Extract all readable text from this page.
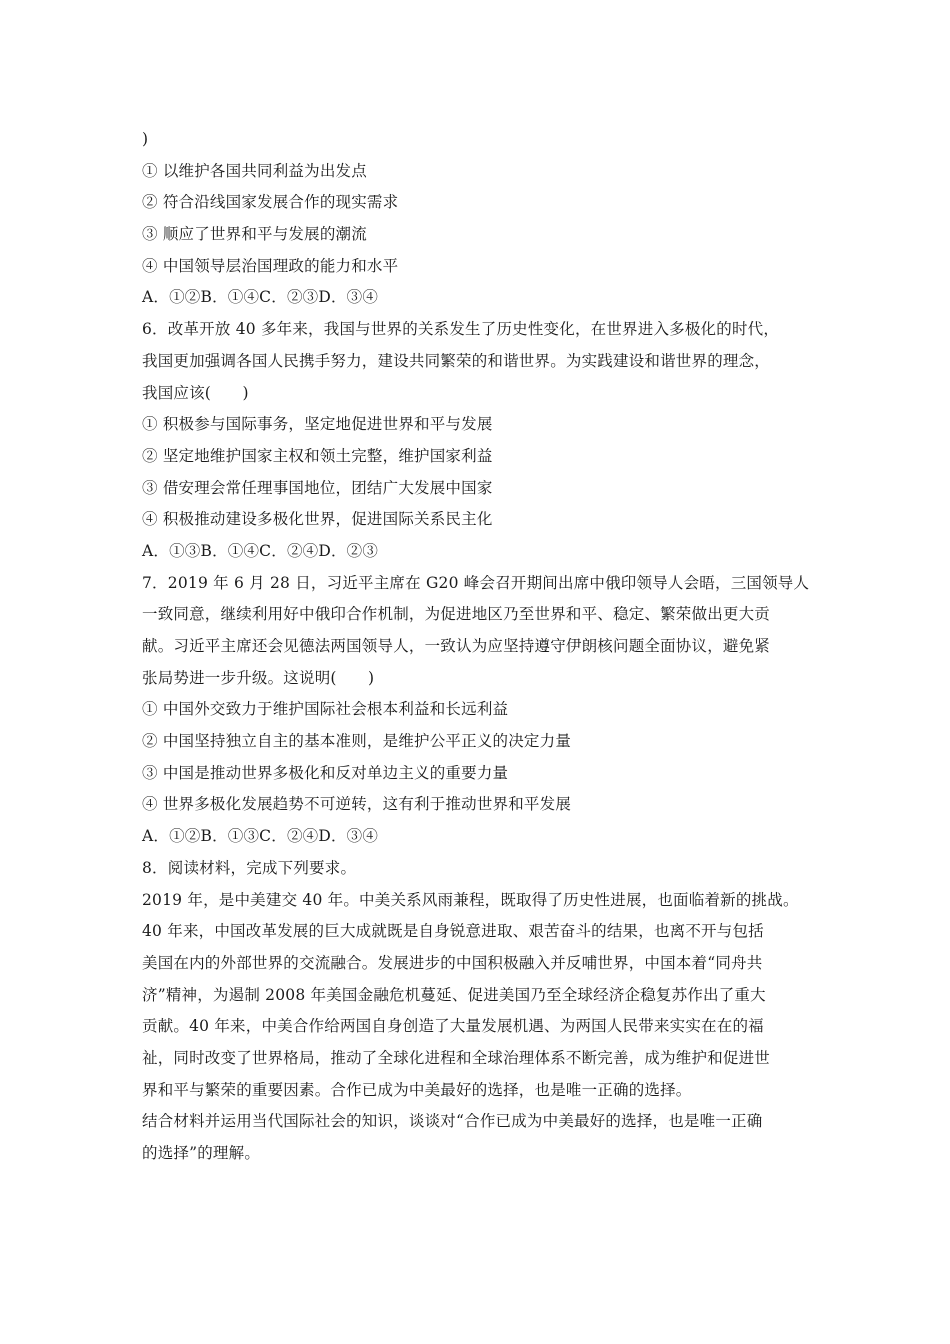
)
① 以维护各国共同利益为出发点
② 符合沿线国家发展合作的现实需求
③ 顺应了世界和平与发展的潮流
④ 中国领导层治国理政的能力和水平
A．①②B．①④C．②③D．③④
6．改革开放 40 多年来，我国与世界的关系发生了历史性变化，在世界进入多极化的时代，
我国更加强调各国人民携手努力，建设共同繁荣的和谐世界。为实践建设和谐世界的理念，
我国应该(　　)
① 积极参与国际事务，坚定地促进世界和平与发展
② 坚定地维护国家主权和领土完整，维护国家利益
③ 借安理会常任理事国地位，团结广大发展中国家
④ 积极推动建设多极化世界，促进国际关系民主化
A．①③B．①④C．②④D．②③
7．2019 年 6 月 28 日，习近平主席在 G20 峰会召开期间出席中俄印领导人会晤，三国领导人
一致同意，继续利用好中俄印合作机制，为促进地区乃至世界和平、稳定、繁荣做出更大贡
献。习近平主席还会见德法两国领导人，一致认为应坚持遵守伊朗核问题全面协议，避免紧
张局势进一步升级。这说明(　　)
① 中国外交致力于维护国际社会根本利益和长远利益
② 中国坚持独立自主的基本准则，是维护公平正义的决定力量
③ 中国是推动世界多极化和反对单边主义的重要力量
④ 世界多极化发展趋势不可逆转，这有利于推动世界和平发展
A．①②B．①③C．②④D．③④
8．阅读材料，完成下列要求。
2019 年，是中美建交 40 年。中美关系风雨兼程，既取得了历史性进展，也面临着新的挑战。
40 年来，中国改革发展的巨大成就既是自身锐意进取、艰苦奋斗的结果，也离不开与包括
美国在内的外部世界的交流融合。发展进步的中国积极融入并反哺世界，中国本着“同舟共
济”精神，为遏制 2008 年美国金融危机蔓延、促进美国乃至全球经济企稳复苏作出了重大
贡献。40 年来，中美合作给两国自身创造了大量发展机遇、为两国人民带来实实在在的福
祉，同时改变了世界格局，推动了全球化进程和全球治理体系不断完善，成为维护和促进世
界和平与繁荣的重要因素。合作已成为中美最好的选择，也是唯一正确的选择。
结合材料并运用当代国际社会的知识，谈谈对“合作已成为中美最好的选择，也是唯一正确
的选择”的理解。
